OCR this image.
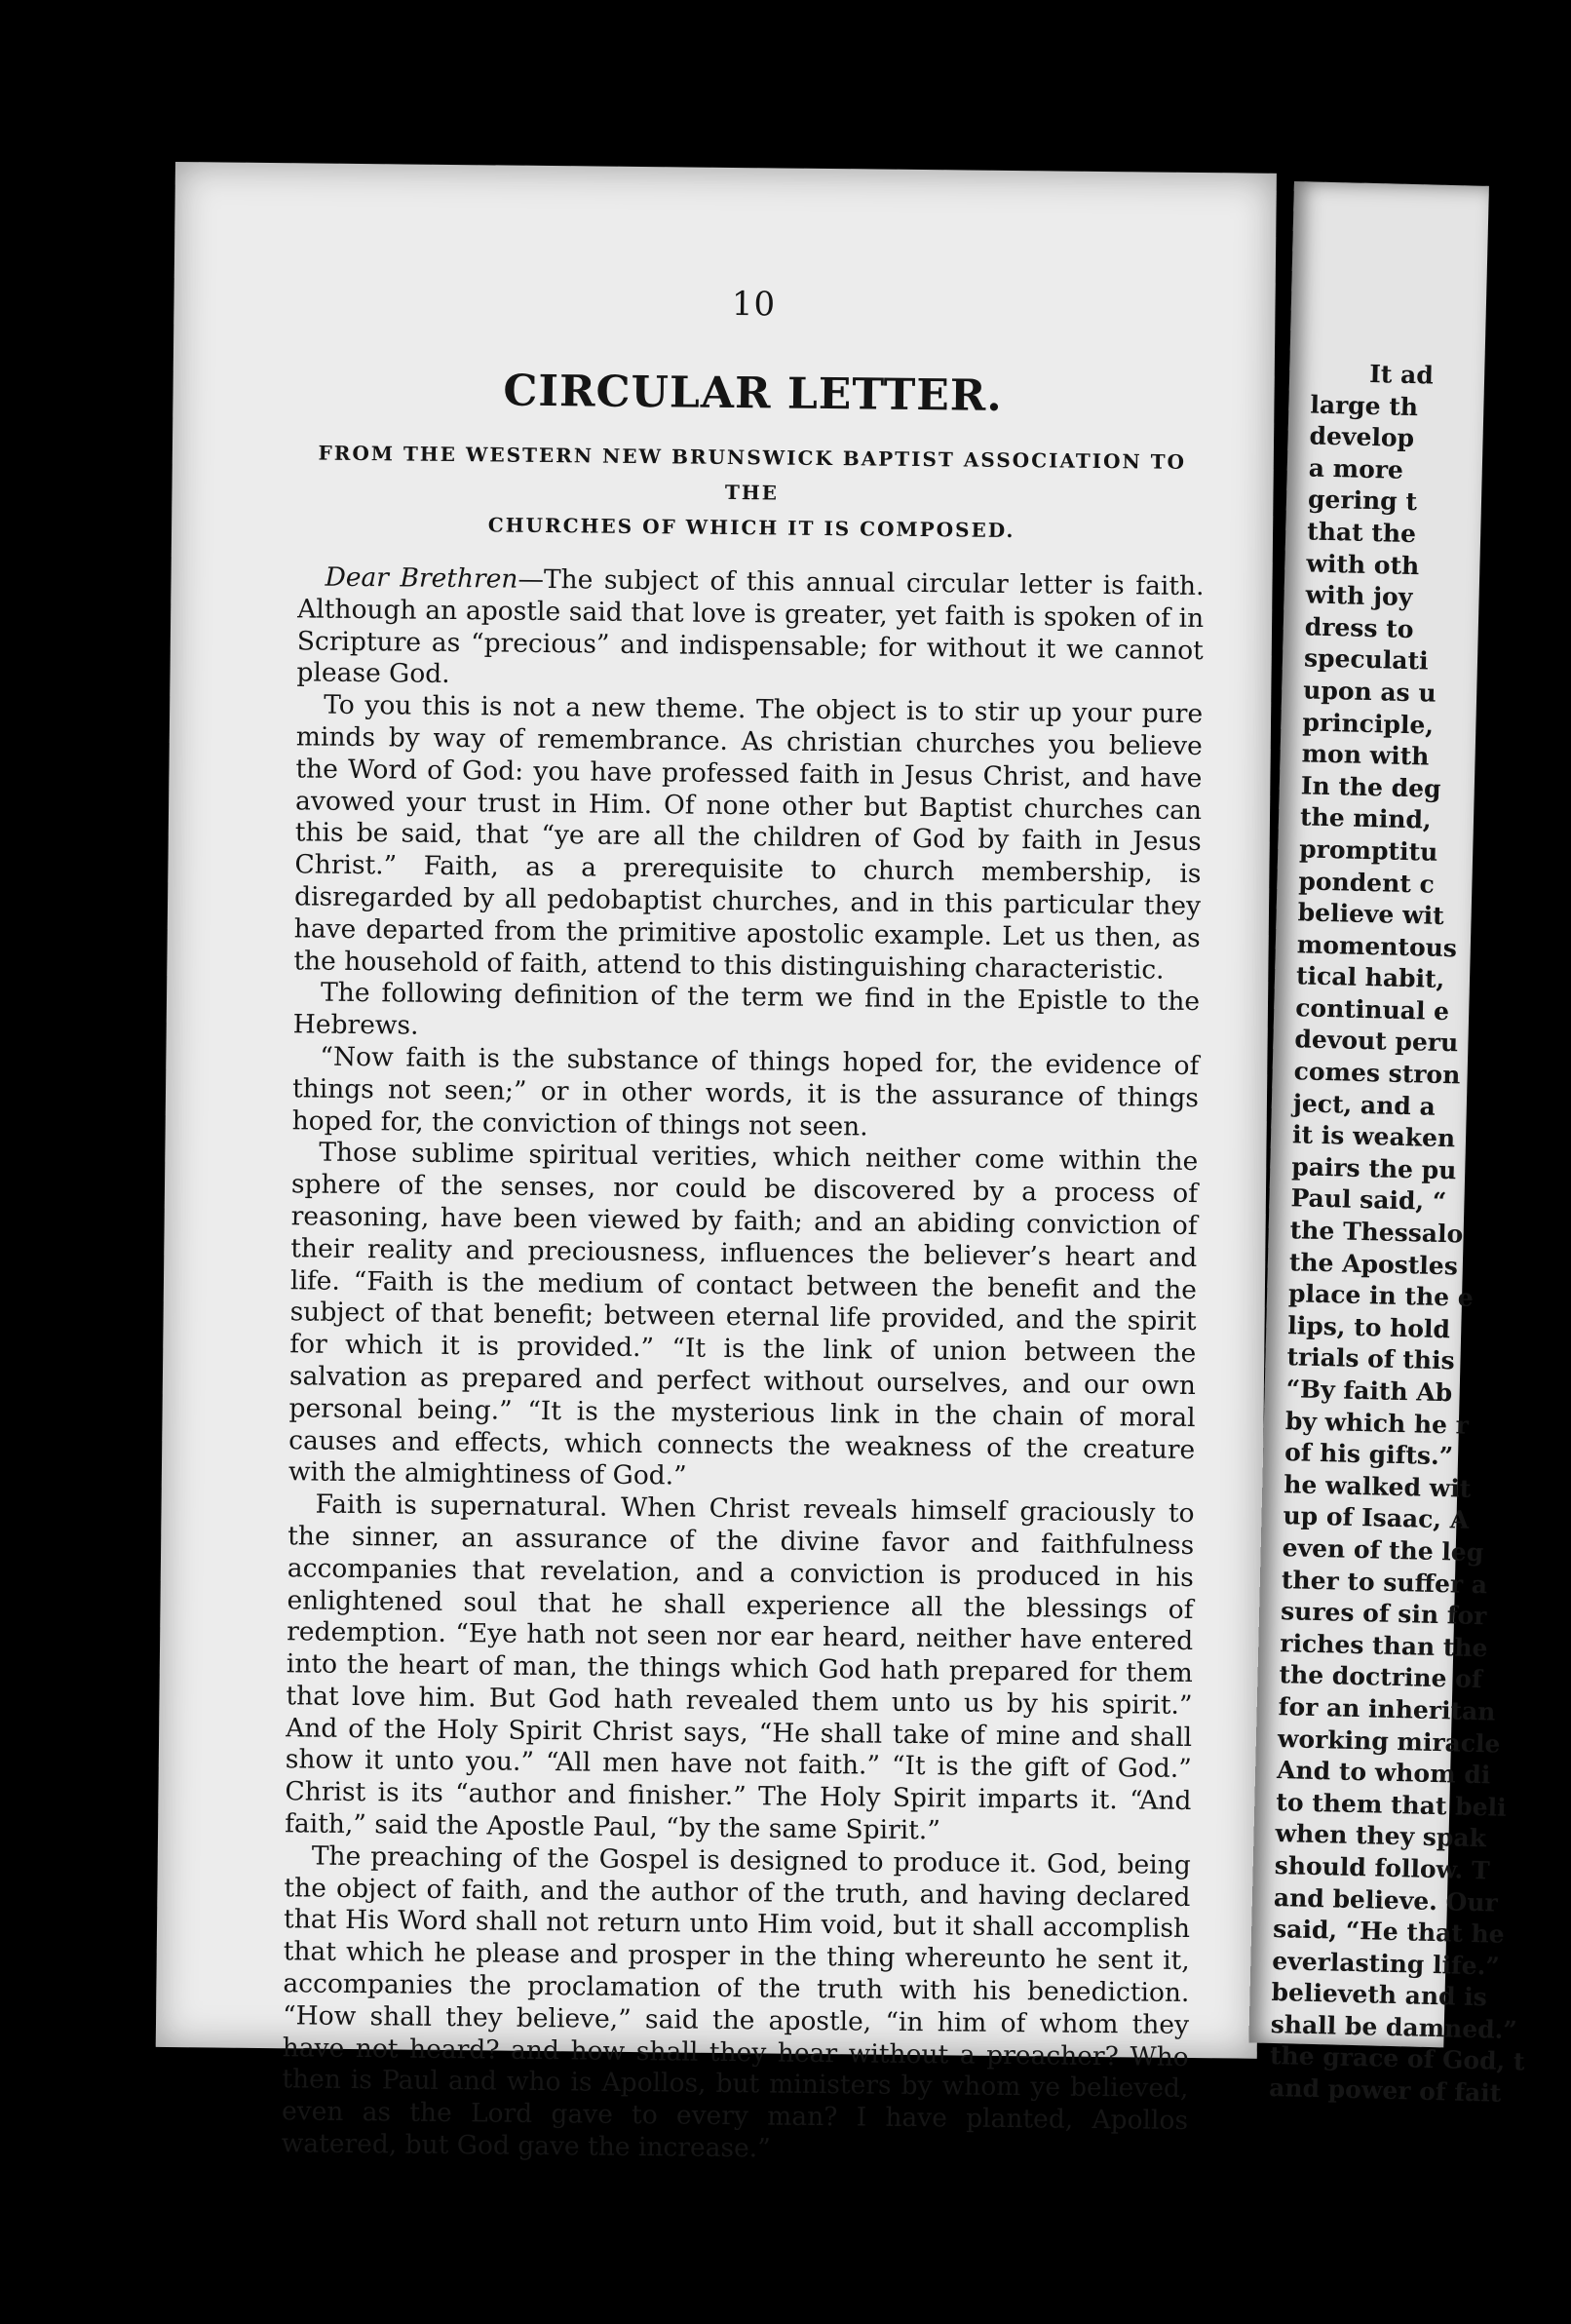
10
CIRCULAR LETTER.
FROM THE WESTERN NEW BRUNSWICK BAPTIST ASSOCIATION TO THE
CHURCHES OF WHICH IT IS COMPOSED.

Dear Brethren—The subject of this annual circular letter is faith. Although an apostle said that love is greater, yet faith is spoken of in Scripture as “precious” and indispensable; for without it we cannot please God.

To you this is not a new theme. The object is to stir up your pure minds by way of remembrance. As christian churches you believe the Word of God: you have professed faith in Jesus Christ, and have avowed your trust in Him. Of none other but Baptist churches can this be said, that “ye are all the children of God by faith in Jesus Christ.” Faith, as a prerequisite to church membership, is disregarded by all pedobaptist churches, and in this particular they have departed from the primitive apostolic example. Let us then, as the household of faith, attend to this distinguishing characteristic.

The following definition of the term we find in the Epistle to the Hebrews.

“Now faith is the substance of things hoped for, the evidence of things not seen;” or in other words, it is the assurance of things hoped for, the conviction of things not seen.

Those sublime spiritual verities, which neither come within the sphere of the senses, nor could be discovered by a process of reasoning, have been viewed by faith; and an abiding conviction of their reality and preciousness, influences the believer’s heart and life. “Faith is the medium of contact between the benefit and the subject of that benefit; between eternal life provided, and the spirit for which it is provided.” “It is the link of union between the salvation as prepared and perfect without ourselves, and our own personal being.” “It is the mysterious link in the chain of moral causes and effects, which connects the weakness of the creature with the almightiness of God.”

Faith is supernatural. When Christ reveals himself graciously to the sinner, an assurance of the divine favor and faithfulness accompanies that revelation, and a conviction is produced in his enlightened soul that he shall experience all the blessings of redemption. “Eye hath not seen nor ear heard, neither have entered into the heart of man, the things which God hath prepared for them that love him. But God hath revealed them unto us by his spirit.” And of the Holy Spirit Christ says, “He shall take of mine and shall show it unto you.” “All men have not faith.” “It is the gift of God.” Christ is its “author and finisher.” The Holy Spirit imparts it. “And faith,” said the Apostle Paul, “by the same Spirit.”

The preaching of the Gospel is designed to produce it. God, being the object of faith, and the author of the truth, and having declared that His Word shall not return unto Him void, but it shall accomplish that which he please and prosper in the thing whereunto he sent it, accompanies the proclamation of the truth with his benediction. “How shall they believe,” said the apostle, “in him of whom they have not heard? and how shall they hear without a preacher? Who then is Paul and who is Apollos, but ministers by whom ye believed, even as the Lord gave to every man? I have planted, Apollos watered, but God gave the increase.”

It ad
large th
develop
a more
gering t
that the
with oth
with joy
dress to
speculati
upon as u
principle,
mon with
In the deg
the mind,
promptitu
pondent c
believe wit
momentous
tical habit,
continual e
devout peru
comes stron
ject, and a
it is weaken
pairs the pu
Paul said, “
the Thessalo
the Apostles
place in the e
lips, to hold
trials of this
“By faith Ab
by which he r
of his gifts.”
he walked wit
up of Isaac, A
even of the leg
ther to suffer a
sures of sin for
riches than the
the doctrine of
for an inheritan
working miracle
And to whom di
to them that beli
when they spak
should follow. T
and believe. Our
said, “He that he
everlasting life.”
believeth and is
shall be damned.”
the grace of God, t
and power of fait
